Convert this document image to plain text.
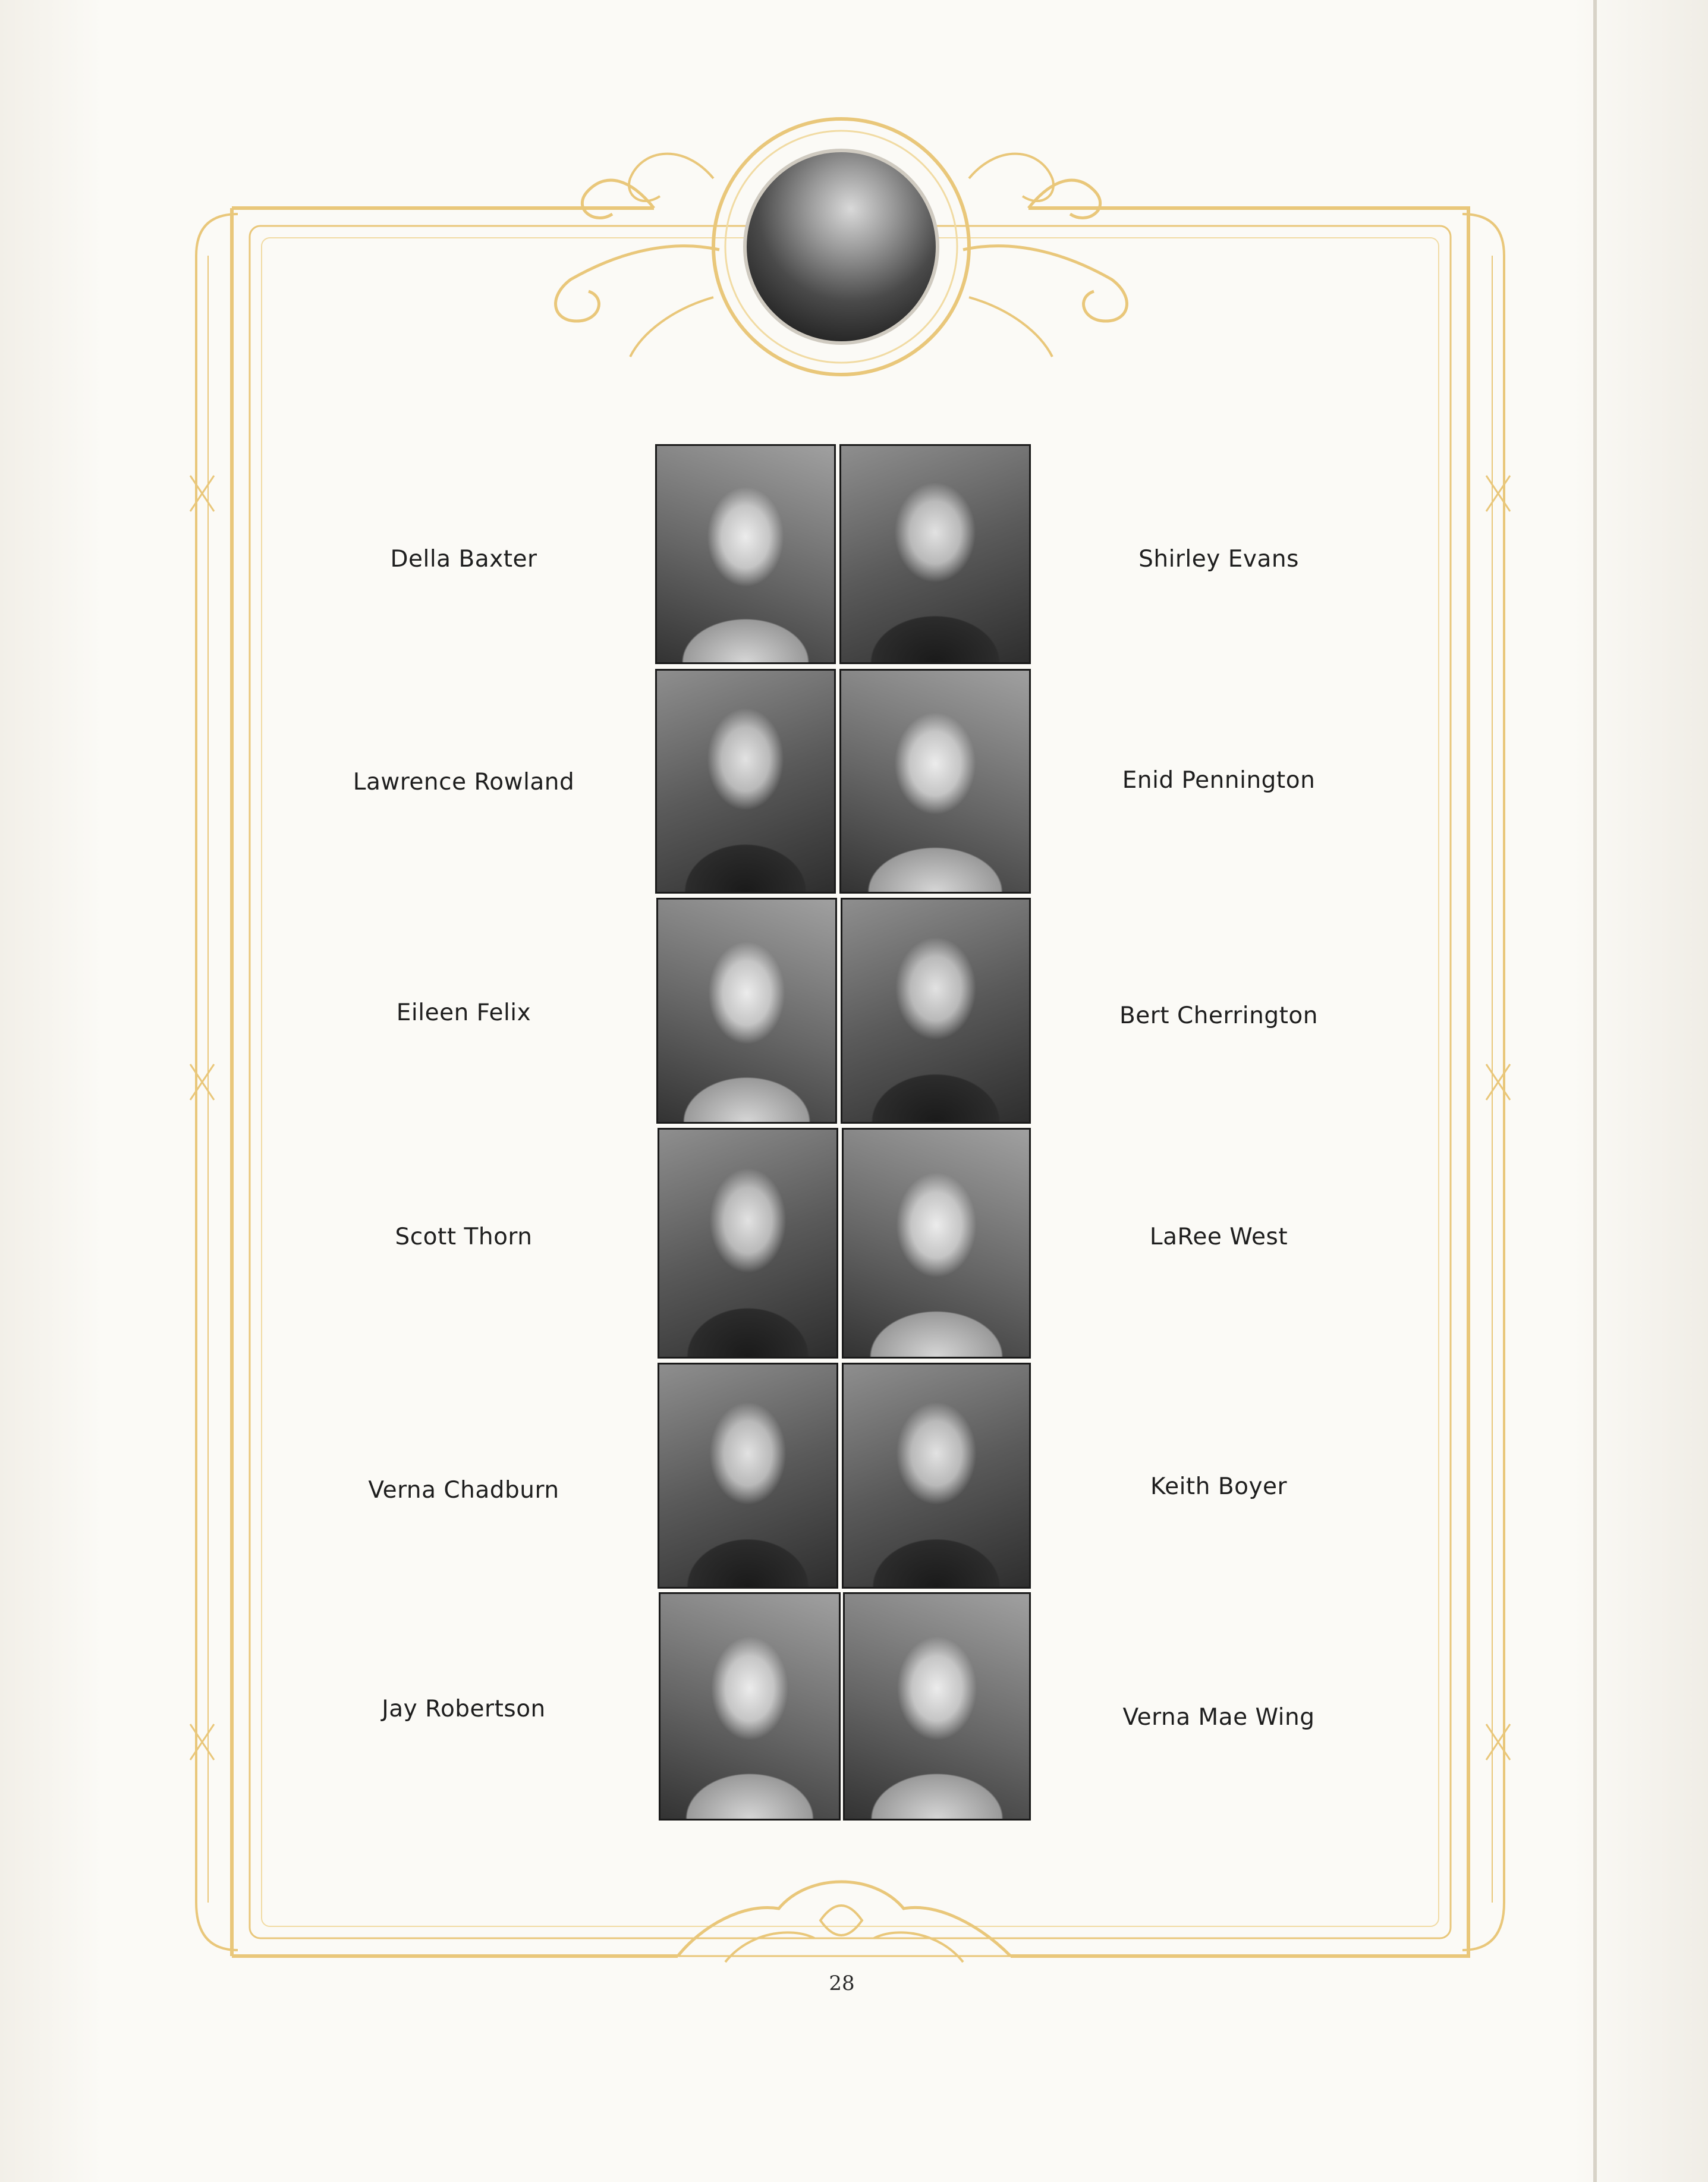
Della Baxter
Lawrence Rowland
Eileen Felix
Scott Thorn
Verna Chadburn
Jay Robertson
Shirley Evans
Enid Pennington
Bert Cherrington
LaRee West
Keith Boyer
Verna Mae Wing
28
